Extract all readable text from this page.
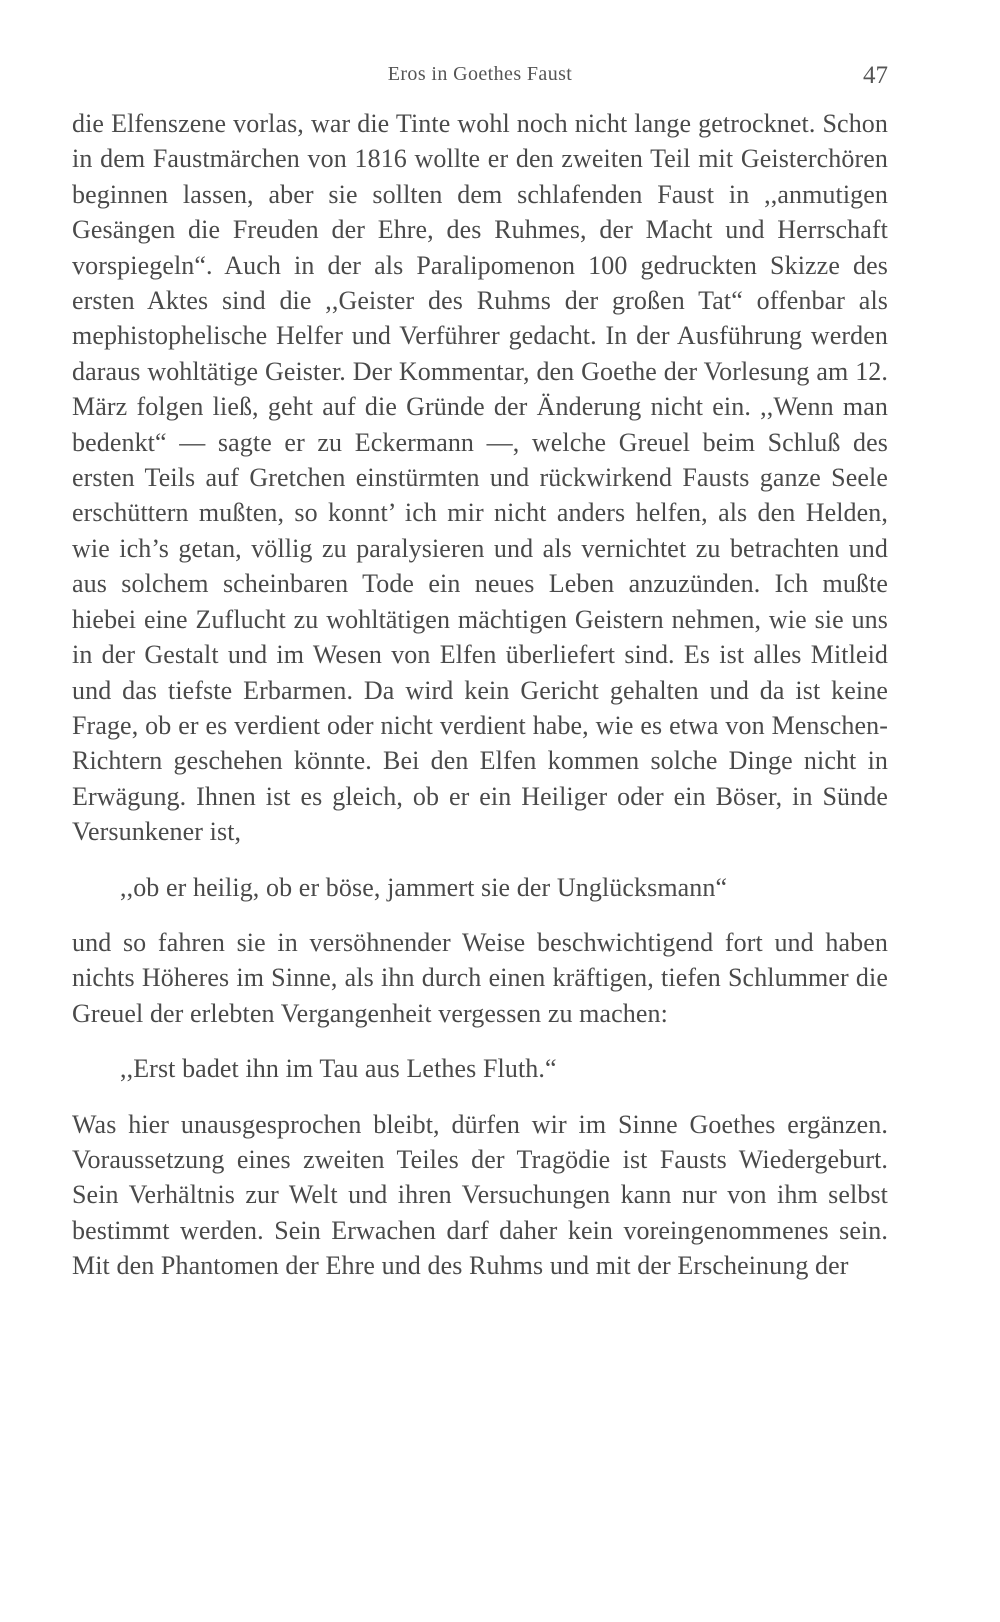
Eros in Goethes Faust	47

die Elfenszene vorlas, war die Tinte wohl noch nicht lange getrocknet. Schon in dem Faustmärchen von 1816 wollte er den zweiten Teil mit Geisterchören beginnen lassen, aber sie sollten dem schlafenden Faust in ,,anmutigen Gesängen die Freuden der Ehre, des Ruhmes, der Macht und Herrschaft vorspiegeln“. Auch in der als Paralipomenon 100 gedruckten Skizze des ersten Aktes sind die ,,Geister des Ruhms der großen Tat“ offenbar als mephistophelische Helfer und Verführer gedacht. In der Ausführung werden daraus wohltätige Geister. Der Kommentar, den Goethe der Vorlesung am 12. März folgen ließ, geht auf die Gründe der Änderung nicht ein. ,,Wenn man bedenkt“ — sagte er zu Eckermann —, welche Greuel beim Schluß des ersten Teils auf Gretchen einstürmten und rückwirkend Fausts ganze Seele erschüttern mußten, so konnt’ ich mir nicht anders helfen, als den Helden, wie ich’s getan, völlig zu paralysieren und als vernichtet zu betrachten und aus solchem scheinbaren Tode ein neues Leben anzuzünden. Ich mußte hiebei eine Zuflucht zu wohltätigen mächtigen Geistern nehmen, wie sie uns in der Gestalt und im Wesen von Elfen überliefert sind. Es ist alles Mitleid und das tiefste Erbarmen. Da wird kein Gericht gehalten und da ist keine Frage, ob er es verdient oder nicht verdient habe, wie es etwa von Menschen-Richtern geschehen könnte. Bei den Elfen kommen solche Dinge nicht in Erwägung. Ihnen ist es gleich, ob er ein Heiliger oder ein Böser, in Sünde Versunkener ist,

,,ob er heilig, ob er böse, jammert sie der Unglücksmann“

und so fahren sie in versöhnender Weise beschwichtigend fort und haben nichts Höheres im Sinne, als ihn durch einen kräftigen, tiefen Schlummer die Greuel der erlebten Vergangenheit vergessen zu machen:

,,Erst badet ihn im Tau aus Lethes Fluth.“

Was hier unausgesprochen bleibt, dürfen wir im Sinne Goethes ergänzen. Voraussetzung eines zweiten Teiles der Tragödie ist Fausts Wiedergeburt. Sein Verhältnis zur Welt und ihren Versuchungen kann nur von ihm selbst bestimmt werden. Sein Erwachen darf daher kein voreingenommenes sein. Mit den Phantomen der Ehre und des Ruhms und mit der Erscheinung der
